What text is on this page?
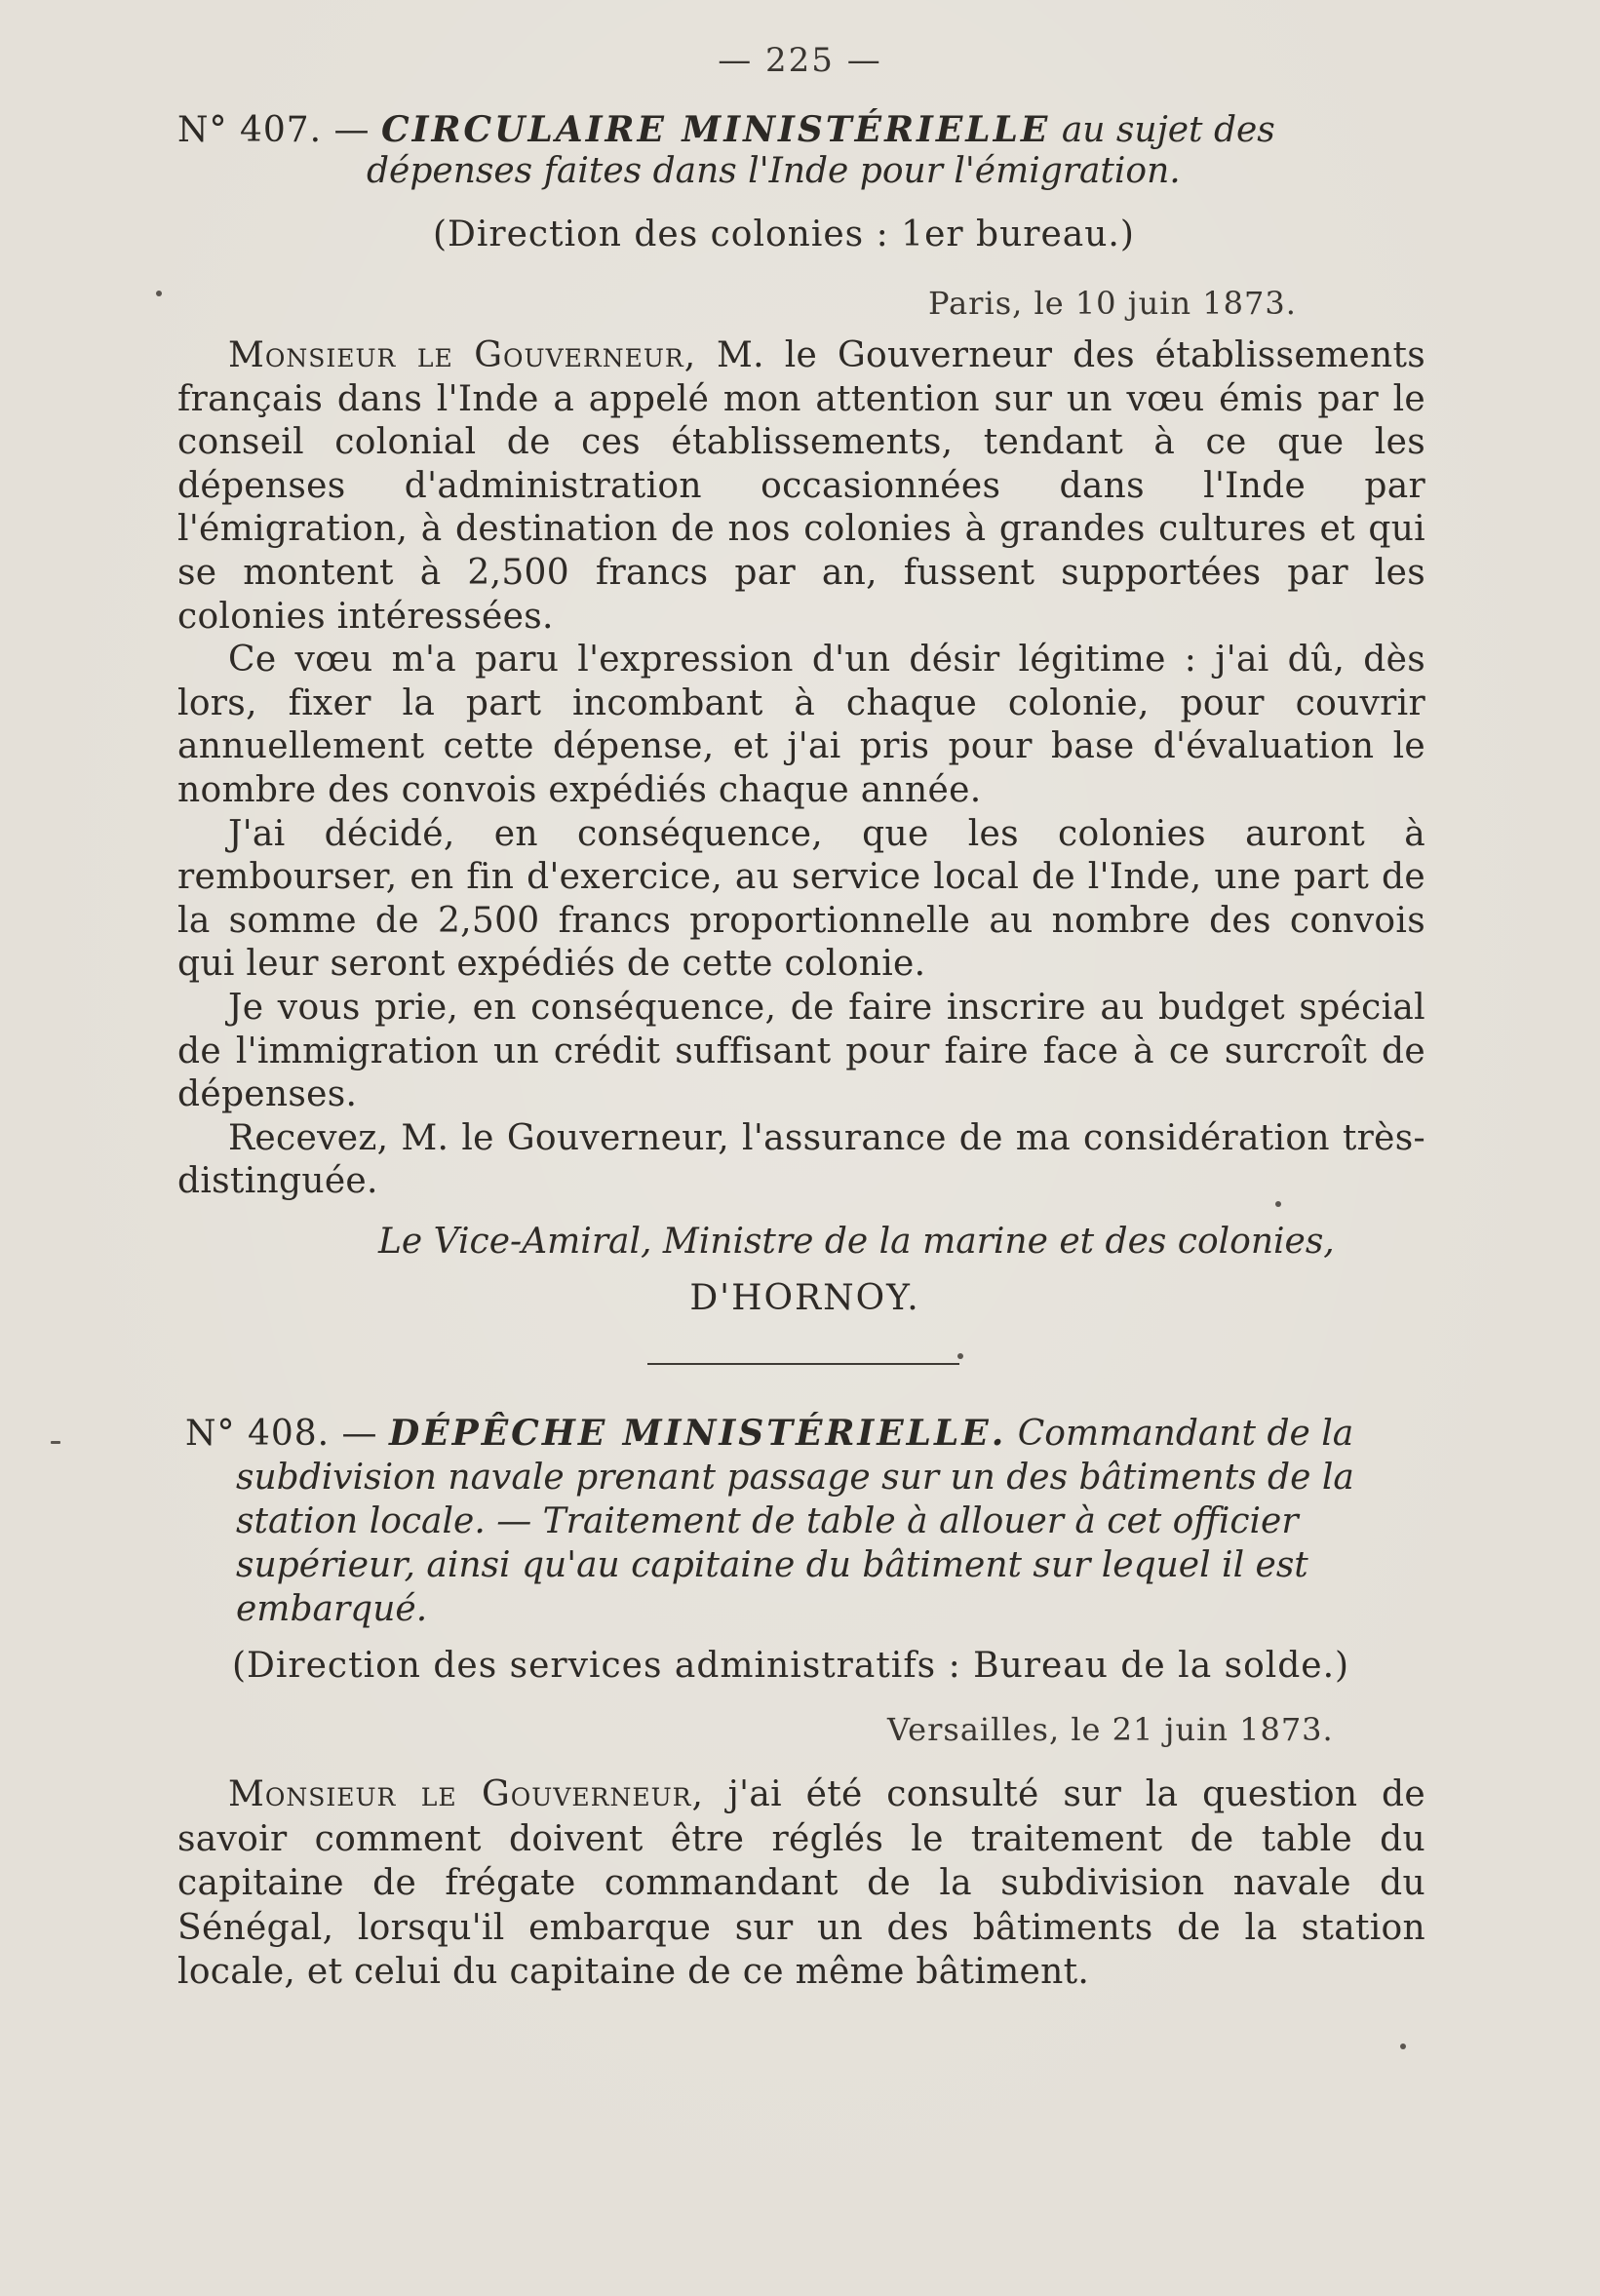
— 225 —
N° 407. — CIRCULAIRE MINISTÉRIELLE au sujet des
dépenses faites dans l'Inde pour l'émigration.
(Direction des colonies : 1er bureau.)
Paris, le 10 juin 1873.

Monsieur le Gouverneur, M. le Gouverneur des établissements français dans l'Inde a appelé mon attention sur un vœu émis par le conseil colonial de ces établissements, tendant à ce que les dépenses d'administration occasionnées dans l'Inde par l'émigration, à destination de nos colonies à grandes cultures et qui se montent à 2,500 francs par an, fussent supportées par les colonies intéressées.

Ce vœu m'a paru l'expression d'un désir légitime : j'ai dû, dès lors, fixer la part incombant à chaque colonie, pour couvrir annuellement cette dépense, et j'ai pris pour base d'évaluation le nombre des convois expédiés chaque année.

J'ai décidé, en conséquence, que les colonies auront à rembourser, en fin d'exercice, au service local de l'Inde, une part de la somme de 2,500 francs proportionnelle au nombre des convois qui leur seront expédiés de cette colonie.

Je vous prie, en conséquence, de faire inscrire au budget spécial de l'immigration un crédit suffisant pour faire face à ce surcroît de dépenses.

Recevez, M. le Gouverneur, l'assurance de ma considération très-distinguée.

Le Vice-Amiral, Ministre de la marine et des colonies,
D'HORNOY.
N° 408. — DÉPÊCHE MINISTÉRIELLE. Commandant de la subdivision navale prenant passage sur un des bâtiments de la station locale. — Traitement de table à allouer à cet officier supérieur, ainsi qu'au capitaine du bâtiment sur lequel il est embarqué.
(Direction des services administratifs : Bureau de la solde.)
Versailles, le 21 juin 1873.

Monsieur le Gouverneur, j'ai été consulté sur la question de savoir comment doivent être réglés le traitement de table du capitaine de frégate commandant de la subdivision navale du Sénégal, lorsqu'il embarque sur un des bâtiments de la station locale, et celui du capitaine de ce même bâtiment.
